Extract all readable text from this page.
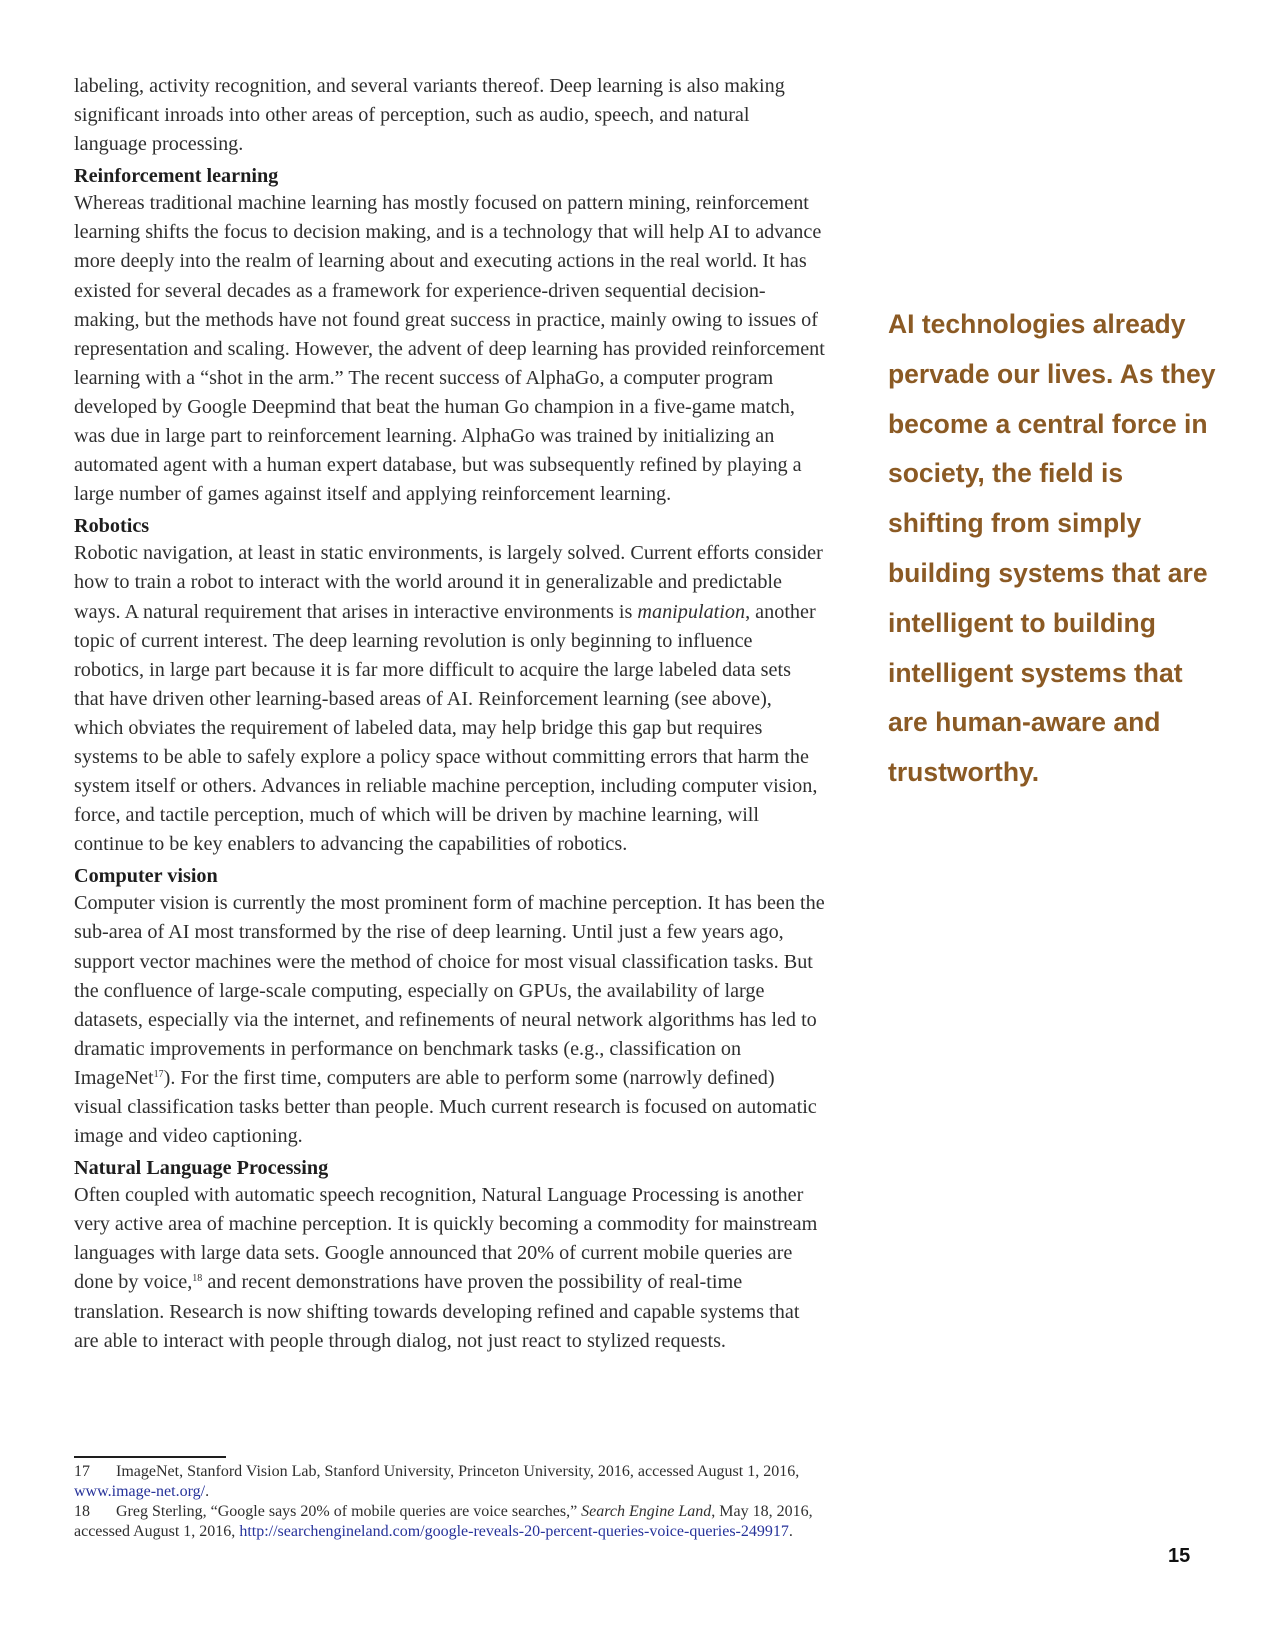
labeling, activity recognition, and several variants thereof. Deep learning is also making significant inroads into other areas of perception, such as audio, speech, and natural language processing.

Reinforcement learning

Whereas traditional machine learning has mostly focused on pattern mining, reinforcement learning shifts the focus to decision making, and is a technology that will help AI to advance more deeply into the realm of learning about and executing actions in the real world. It has existed for several decades as a framework for experience-driven sequential decision-making, but the methods have not found great success in practice, mainly owing to issues of representation and scaling. However, the advent of deep learning has provided reinforcement learning with a “shot in the arm.” The recent success of AlphaGo, a computer program developed by Google Deepmind that beat the human Go champion in a five-game match, was due in large part to reinforcement learning. AlphaGo was trained by initializing an automated agent with a human expert database, but was subsequently refined by playing a large number of games against itself and applying reinforcement learning.

Robotics

Robotic navigation, at least in static environments, is largely solved. Current efforts consider how to train a robot to interact with the world around it in generalizable and predictable ways. A natural requirement that arises in interactive environments is manipulation, another topic of current interest. The deep learning revolution is only beginning to influence robotics, in large part because it is far more difficult to acquire the large labeled data sets that have driven other learning-based areas of AI. Reinforcement learning (see above), which obviates the requirement of labeled data, may help bridge this gap but requires systems to be able to safely explore a policy space without committing errors that harm the system itself or others. Advances in reliable machine perception, including computer vision, force, and tactile perception, much of which will be driven by machine learning, will continue to be key enablers to advancing the capabilities of robotics.

Computer vision

Computer vision is currently the most prominent form of machine perception. It has been the sub-area of AI most transformed by the rise of deep learning. Until just a few years ago, support vector machines were the method of choice for most visual classification tasks. But the confluence of large-scale computing, especially on GPUs, the availability of large datasets, especially via the internet, and refinements of neural network algorithms has led to dramatic improvements in performance on benchmark tasks (e.g., classification on ImageNet$^{17}$). For the first time, computers are able to perform some (narrowly defined) visual classification tasks better than people. Much current research is focused on automatic image and video captioning.

Natural Language Processing

Often coupled with automatic speech recognition, Natural Language Processing is another very active area of machine perception. It is quickly becoming a commodity for mainstream languages with large data sets. Google announced that 20% of current mobile queries are done by voice,$^{18}$ and recent demonstrations have proven the possibility of real-time translation. Research is now shifting towards developing refined and capable systems that are able to interact with people through dialog, not just react to stylized requests.

17 ImageNet, Stanford Vision Lab, Stanford University, Princeton University, 2016, accessed August 1, 2016, www.image-net.org/.

18 Greg Sterling, “Google says 20% of mobile queries are voice searches,” Search Engine Land, May 18, 2016, accessed August 1, 2016, http://searchengineland.com/google-reveals-20-percent-queries-voice-queries-249917.

AI technologies already pervade our lives. As they become a central force in society, the field is shifting from simply building systems that are intelligent to building intelligent systems that are human-aware and trustworthy.
15
